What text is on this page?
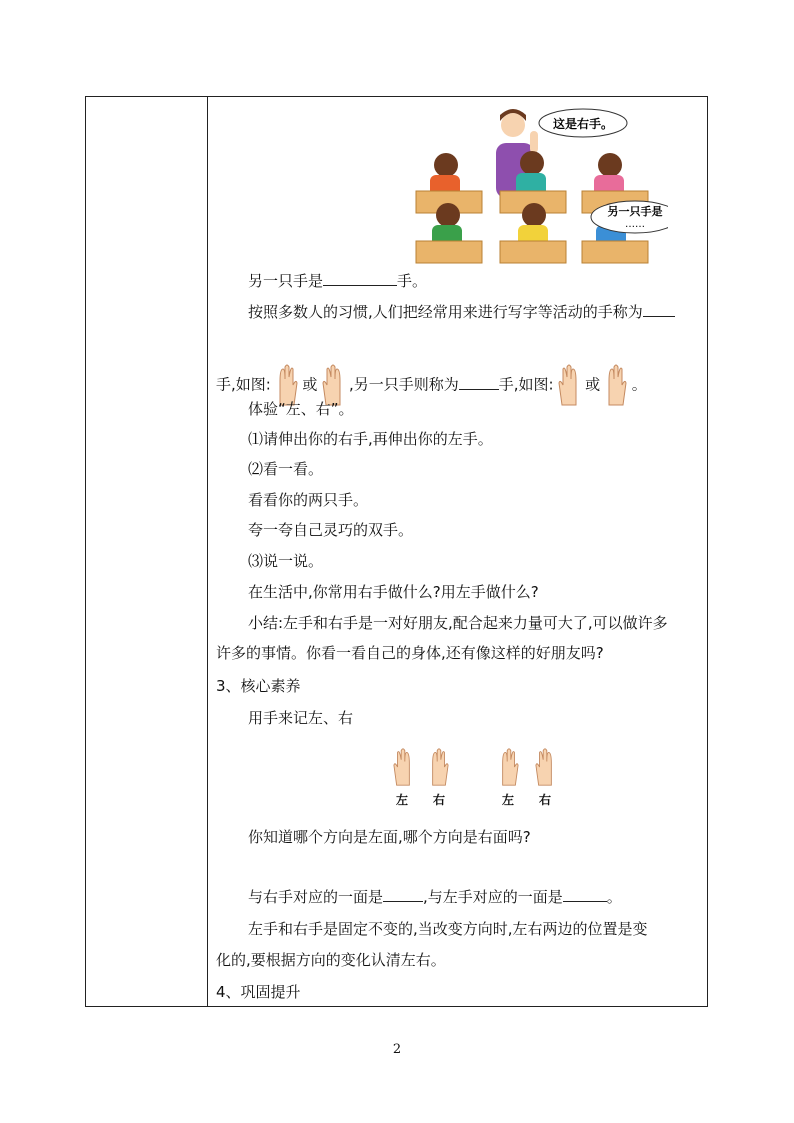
这是右手。
另一只手是
……
另一只手是	手。
按照多数人的习惯,人们把经常用来进行写字等活动的手称为
手,如图: 或 ,另一只手则称为	手,如图: 或 。
体验“左、右”。
⑴请伸出你的右手,再伸出你的左手。
⑵看一看。
看看你的两只手。
夸一夸自己灵巧的双手。
⑶说一说。
在生活中,你常用右手做什么?用左手做什么?
小结:左手和右手是一对好朋友,配合起来力量可大了,可以做许多
许多的事情。你看一看自己的身体,还有像这样的好朋友吗?
3、核心素养
用手来记左、右
左 右	左 右
你知道哪个方向是左面,哪个方向是右面吗?
与右手对应的一面是	,与左手对应的一面是	。
左手和右手是固定不变的,当改变方向时,左右两边的位置是变
化的,要根据方向的变化认清左右。
4、巩固提升
2
